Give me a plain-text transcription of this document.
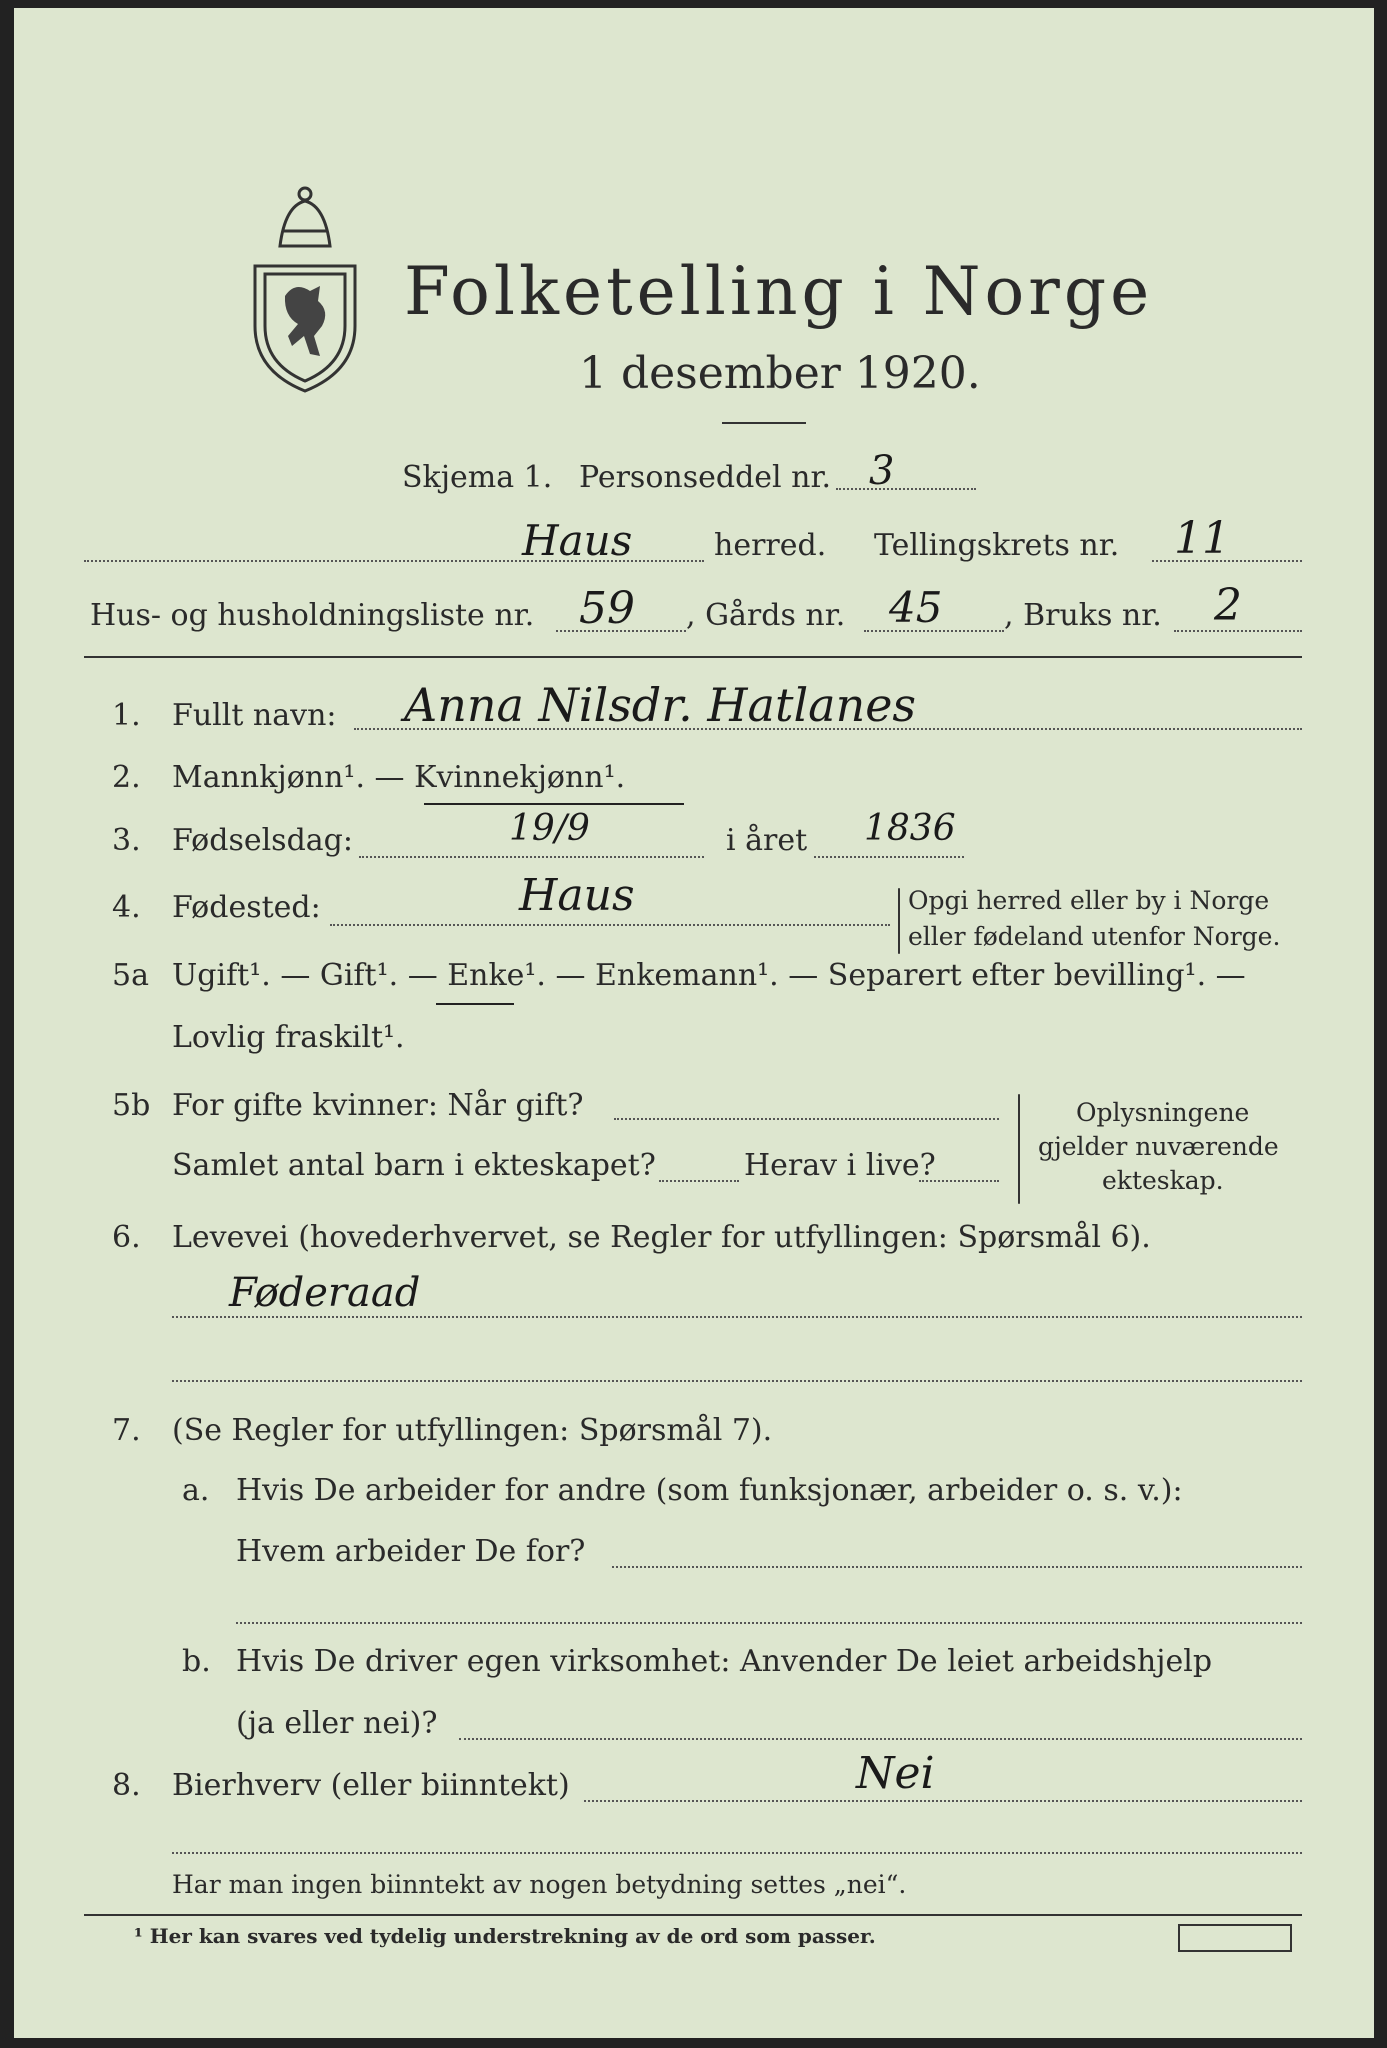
Folketelling i Norge
1 desember 1920.
Skjema 1. Personseddel nr. 3
Haus	herred. Tellingskrets nr. 11
Hus- og husholdningsliste nr. 59 , Gårds nr. 45 , Bruks nr. 2
1. Fullt navn: Anna Nilsdr. Hatlanes
2. Mannkjønn¹. — Kvinnekjønn¹.
3. Fødselsdag:	19/9	i året 1836
4. Fødested:	Haus	Opgi herred eller by i Norge
eller fødeland utenfor Norge.
5a Ugift¹. — Gift¹. — Enke¹. — Enkemann¹. — Separert efter bevilling¹. —
Lovlig fraskilt¹.
5b For gifte kvinner: Når gift?
Samlet antal barn i ekteskapet?	Herav i live?
Oplysningene
gjelder nuværende
ekteskap.
6. Levevei (hovederhvervet, se Regler for utfyllingen: Spørsmål 6).
Føderaad
7. (Se Regler for utfyllingen: Spørsmål 7).
a. Hvis De arbeider for andre (som funksjonær, arbeider o. s. v.):
Hvem arbeider De for?
b. Hvis De driver egen virksomhet: Anvender De leiet arbeidshjelp
(ja eller nei)?
8. Bierhverv (eller biinntekt)	Nei
Har man ingen biinntekt av nogen betydning settes „nei“.
¹ Her kan svares ved tydelig understrekning av de ord som passer.
